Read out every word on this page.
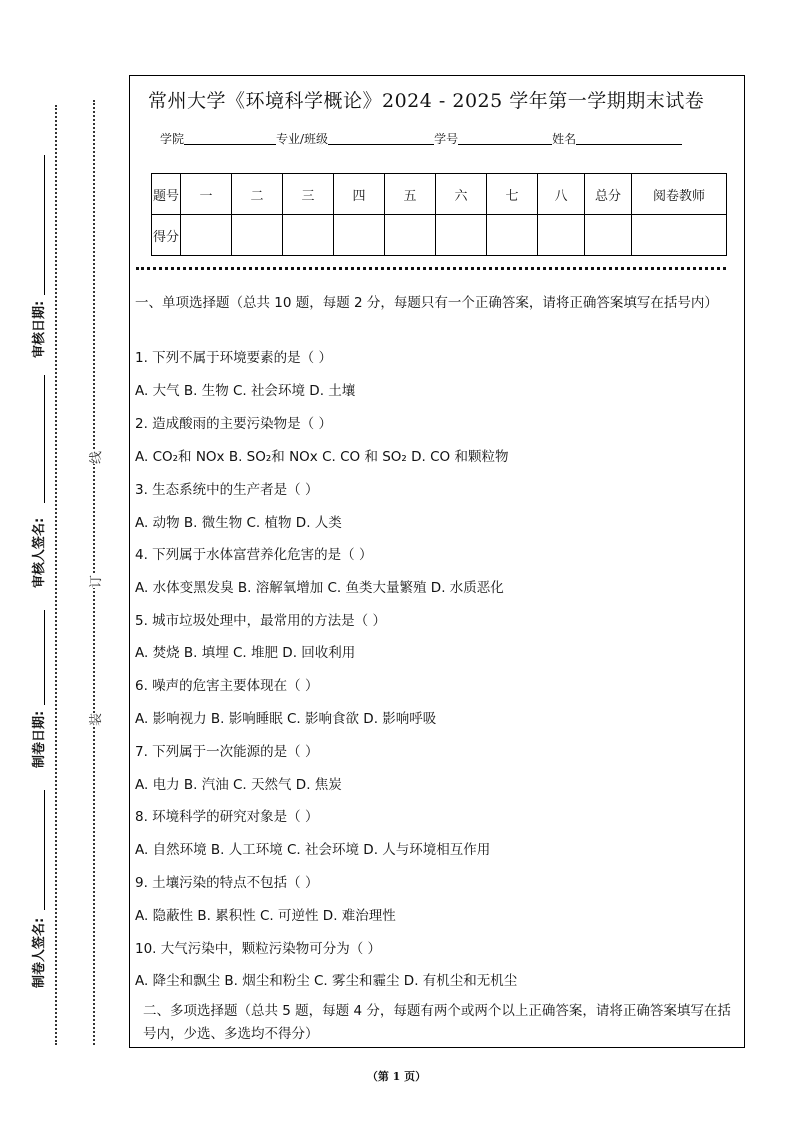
审核日期:
审核人签名:
制卷日期:
制卷人签名:
线
订
装
常州大学《环境科学概论》2024 - 2025 学年第一学期期末试卷
学院	专业/班级	学号	姓名
题号	一	二	三	四	五	六	七	八	总分	阅卷教师
得分										
一、单项选择题（总共 10 题，每题 2 分，每题只有一个正确答案，请将正确答案填写在括号内）
1. 下列不属于环境要素的是（ ）
A. 大气 B. 生物 C. 社会环境 D. 土壤
2. 造成酸雨的主要污染物是（ ）
A. CO₂和 NOx B. SO₂和 NOx C. CO 和 SO₂ D. CO 和颗粒物
3. 生态系统中的生产者是（ ）
A. 动物 B. 微生物 C. 植物 D. 人类
4. 下列属于水体富营养化危害的是（ ）
A. 水体变黑发臭 B. 溶解氧增加 C. 鱼类大量繁殖 D. 水质恶化
5. 城市垃圾处理中，最常用的方法是（ ）
A. 焚烧 B. 填埋 C. 堆肥 D. 回收利用
6. 噪声的危害主要体现在（ ）
A. 影响视力 B. 影响睡眠 C. 影响食欲 D. 影响呼吸
7. 下列属于一次能源的是（ ）
A. 电力 B. 汽油 C. 天然气 D. 焦炭
8. 环境科学的研究对象是（ ）
A. 自然环境 B. 人工环境 C. 社会环境 D. 人与环境相互作用
9. 土壤污染的特点不包括（ ）
A. 隐蔽性 B. 累积性 C. 可逆性 D. 难治理性
10. 大气污染中，颗粒污染物可分为（ ）
A. 降尘和飘尘 B. 烟尘和粉尘 C. 雾尘和霾尘 D. 有机尘和无机尘
二、多项选择题（总共 5 题，每题 4 分，每题有两个或两个以上正确答案，请将正确答案填写在括号内，少选、多选均不得分）
（第 1 页）
